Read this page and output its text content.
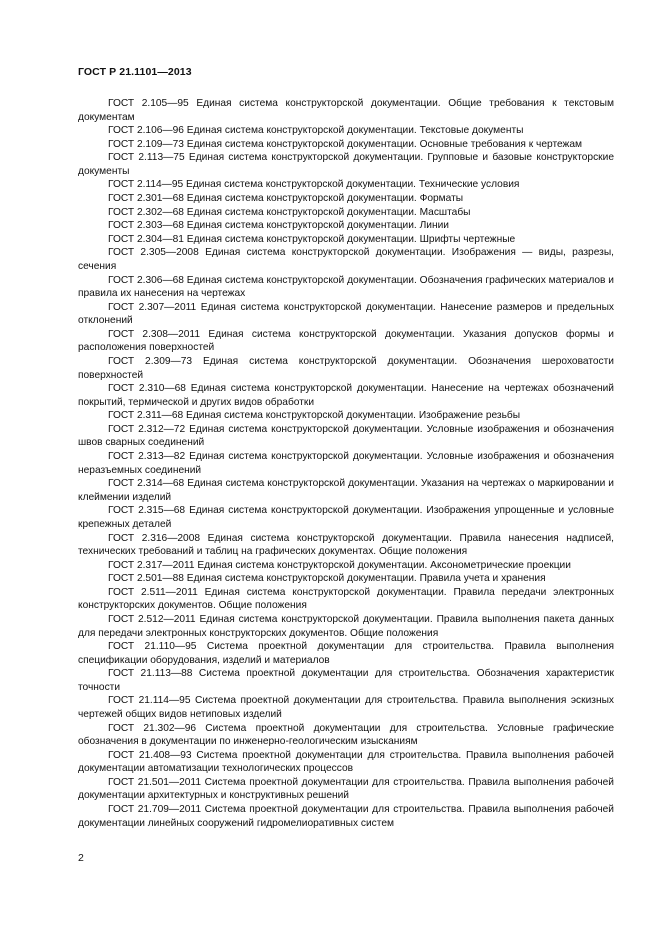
ГОСТ Р 21.1101—2013

ГОСТ 2.105—95 Единая система конструкторской документации. Общие требования к текстовым документам

ГОСТ 2.106—96 Единая система конструкторской документации. Текстовые документы

ГОСТ 2.109—73 Единая система конструкторской документации. Основные требования к чертежам

ГОСТ 2.113—75 Единая система конструкторской документации. Групповые и базовые конструкторские документы

ГОСТ 2.114—95 Единая система конструкторской документации. Технические условия

ГОСТ 2.301—68 Единая система конструкторской документации. Форматы

ГОСТ 2.302—68 Единая система конструкторской документации. Масштабы

ГОСТ 2.303—68 Единая система конструкторской документации. Линии

ГОСТ 2.304—81 Единая система конструкторской документации. Шрифты чертежные

ГОСТ 2.305—2008 Единая система конструкторской документации. Изображения — виды, разрезы, сечения

ГОСТ 2.306—68 Единая система конструкторской документации. Обозначения графических материалов и правила их нанесения на чертежах

ГОСТ 2.307—2011 Единая система конструкторской документации. Нанесение размеров и предельных отклонений

ГОСТ 2.308—2011 Единая система конструкторской документации. Указания допусков формы и расположения поверхностей

ГОСТ 2.309—73 Единая система конструкторской документации. Обозначения шероховатости поверхностей

ГОСТ 2.310—68 Единая система конструкторской документации. Нанесение на чертежах обозначений покрытий, термической и других видов обработки

ГОСТ 2.311—68 Единая система конструкторской документации. Изображение резьбы

ГОСТ 2.312—72 Единая система конструкторской документации. Условные изображения и обозначения швов сварных соединений

ГОСТ 2.313—82 Единая система конструкторской документации. Условные изображения и обозначения неразъемных соединений

ГОСТ 2.314—68 Единая система конструкторской документации. Указания на чертежах о маркировании и клеймении изделий

ГОСТ 2.315—68 Единая система конструкторской документации. Изображения упрощенные и условные крепежных деталей

ГОСТ 2.316—2008 Единая система конструкторской документации. Правила нанесения надписей, технических требований и таблиц на графических документах. Общие положения

ГОСТ 2.317—2011 Единая система конструкторской документации. Аксонометрические проекции

ГОСТ 2.501—88 Единая система конструкторской документации. Правила учета и хранения

ГОСТ 2.511—2011 Единая система конструкторской документации. Правила передачи электронных конструкторских документов. Общие положения

ГОСТ 2.512—2011 Единая система конструкторской документации. Правила выполнения пакета данных для передачи электронных конструкторских документов. Общие положения

ГОСТ 21.110—95 Система проектной документации для строительства. Правила выполнения спецификации оборудования, изделий и материалов

ГОСТ 21.113—88 Система проектной документации для строительства. Обозначения характеристик точности

ГОСТ 21.114—95 Система проектной документации для строительства. Правила выполнения эскизных чертежей общих видов нетиповых изделий

ГОСТ 21.302—96 Система проектной документации для строительства. Условные графические обозначения в документации по инженерно-геологическим изысканиям

ГОСТ 21.408—93 Система проектной документации для строительства. Правила выполнения рабочей документации автоматизации технологических процессов

ГОСТ 21.501—2011 Система проектной документации для строительства. Правила выполнения рабочей документации архитектурных и конструктивных решений

ГОСТ 21.709—2011 Система проектной документации для строительства. Правила выполнения рабочей документации линейных сооружений гидромелиоративных систем

2
